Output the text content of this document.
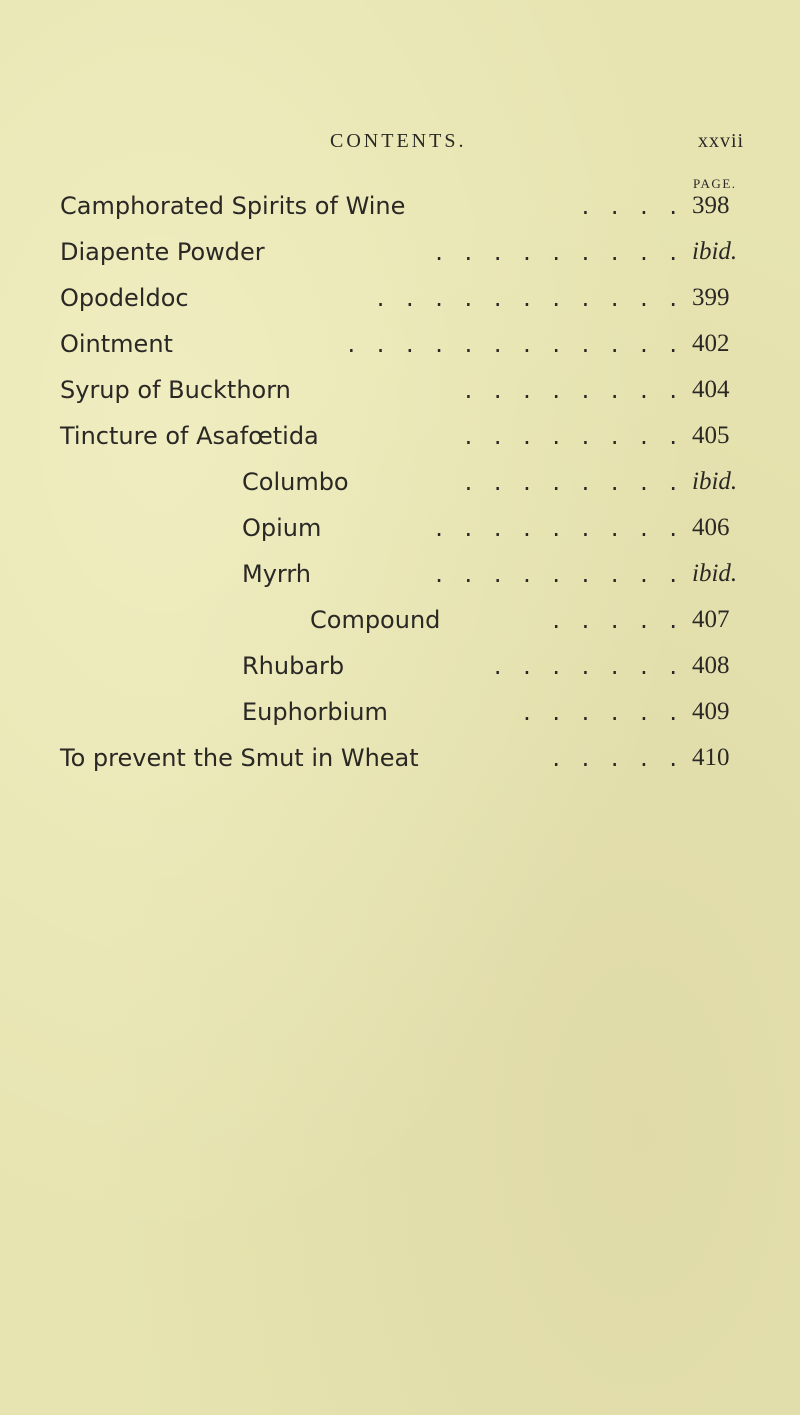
CONTENTS.	xxvii
PAGE.
Camphorated Spirits of Wine	. . . . 398
Diapente Powder	. . . . . . . . . ibid.
Opodeldoc	. . . . . . . . . . . 399
Ointment	. . . . . . . . . . . . 402
Syrup of Buckthorn	. . . . . . . . 404
Tincture of Asafœtida	. . . . . . . . 405
Columbo	. . . . . . . . ibid.
Opium	. . . . . . . . . 406
Myrrh	. . . . . . . . . ibid.
Compound	. . . . . 407
Rhubarb	. . . . . . . 408
Euphorbium	. . . . . . 409
To prevent the Smut in Wheat	. . . . . 410
